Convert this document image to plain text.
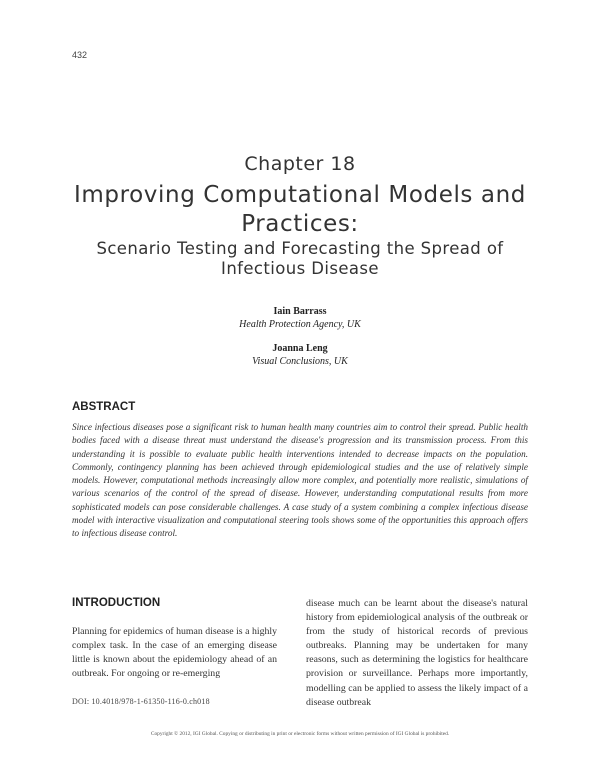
432
Chapter 18
Improving Computational Models and Practices:
Scenario Testing and Forecasting the Spread of Infectious Disease
Iain Barrass
Health Protection Agency, UK
Joanna Leng
Visual Conclusions, UK
ABSTRACT
Since infectious diseases pose a significant risk to human health many countries aim to control their spread. Public health bodies faced with a disease threat must understand the disease's progression and its transmission process. From this understanding it is possible to evaluate public health interventions intended to decrease impacts on the population. Commonly, contingency planning has been achieved through epidemiological studies and the use of relatively simple models. However, computational methods increasingly allow more complex, and potentially more realistic, simulations of various scenarios of the control of the spread of disease. However, understanding computational results from more sophisticated models can pose considerable challenges. A case study of a system combining a complex infectious disease model with interactive visualization and computational steering tools shows some of the opportunities this approach offers to infectious disease control.
INTRODUCTION
Planning for epidemics of human disease is a highly complex task. In the case of an emerging disease little is known about the epidemiology ahead of an outbreak. For ongoing or re-emerging
disease much can be learnt about the disease's natural history from epidemiological analysis of the outbreak or from the study of historical records of previous outbreaks. Planning may be undertaken for many reasons, such as determining the logistics for healthcare provision or surveillance. Perhaps more importantly, modelling can be applied to assess the likely impact of a disease outbreak
DOI: 10.4018/978-1-61350-116-0.ch018
Copyright © 2012, IGI Global. Copying or distributing in print or electronic forms without written permission of IGI Global is prohibited.
